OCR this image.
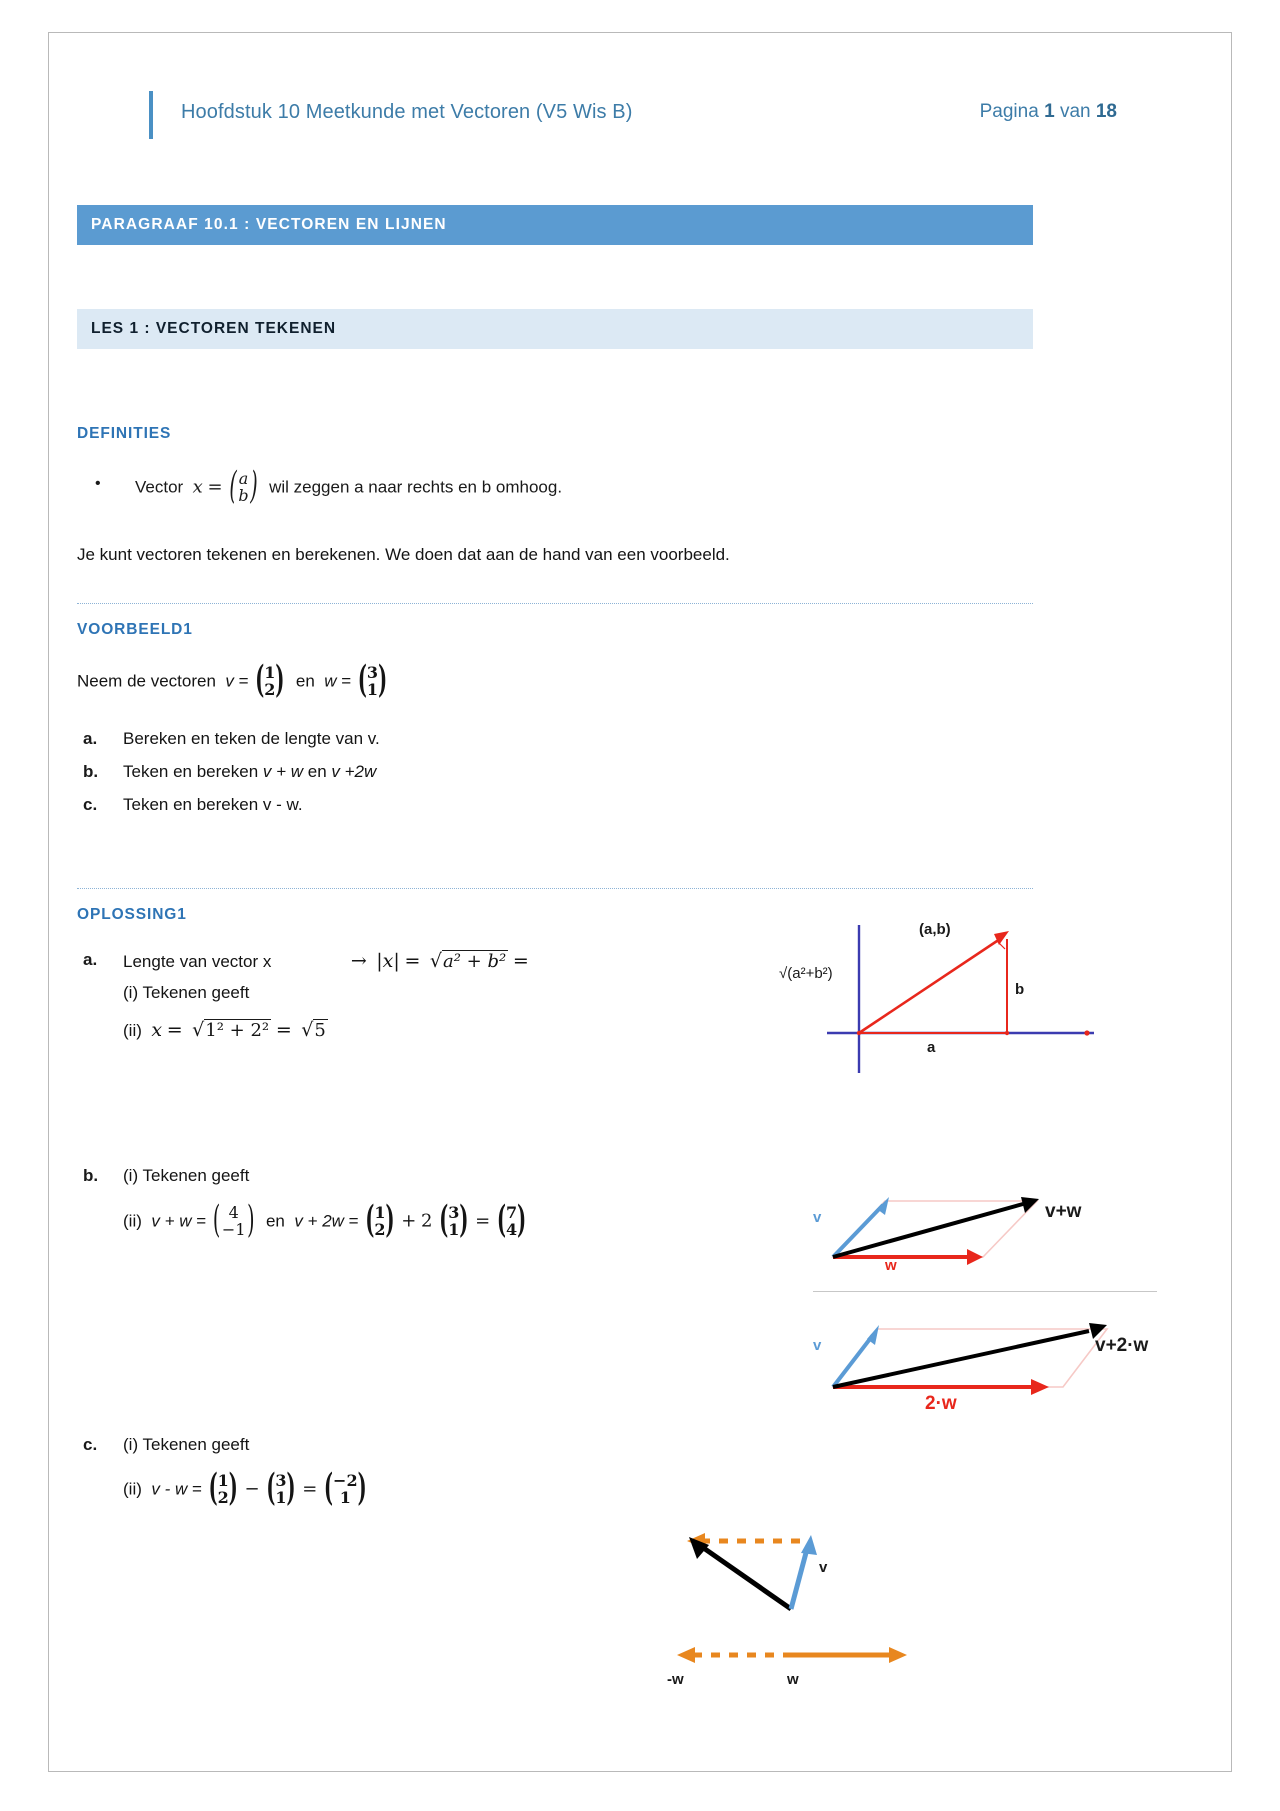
Hoofdstuk 10 Meetkunde met Vectoren (V5 Wis B)	Pagina 1 van 18
PARAGRAAF 10.1 : VECTOREN EN LIJNEN
LES 1 : VECTOREN TEKENEN
DEFINITIES
• Vector x = ( a
b
) wil zeggen a naar rechts en b omhoog.
Je kunt vectoren tekenen en berekenen. We doen dat aan de hand van een voorbeeld.
VOORBEELD1
Neem de vectoren v = ( 1
2
) en w = ( 3
1
)
a. Bereken en teken de lengte van v.
b. Teken en bereken v + w en v +2w
c. Teken en bereken v - w.
OPLOSSING1
a. Lengte van vector x	→ |x| = √a² + b² =
(i) Tekenen geeft
(ii) x = √1² + 2² = √5
(a,b)
√(a²+b²)
b
a
b. (i) Tekenen geeft
(ii) v + w =	( 4
−1
) en v + 2w = ( 1
2
) + 2 ( 3
1
) = ( 7
4
)
v
w
v+w
v
2·w
v+2·w
c. (i) Tekenen geeft
(ii) v - w = ( 1
2
) − ( 3
1
) = ( −2
1
)
v
-w	w
